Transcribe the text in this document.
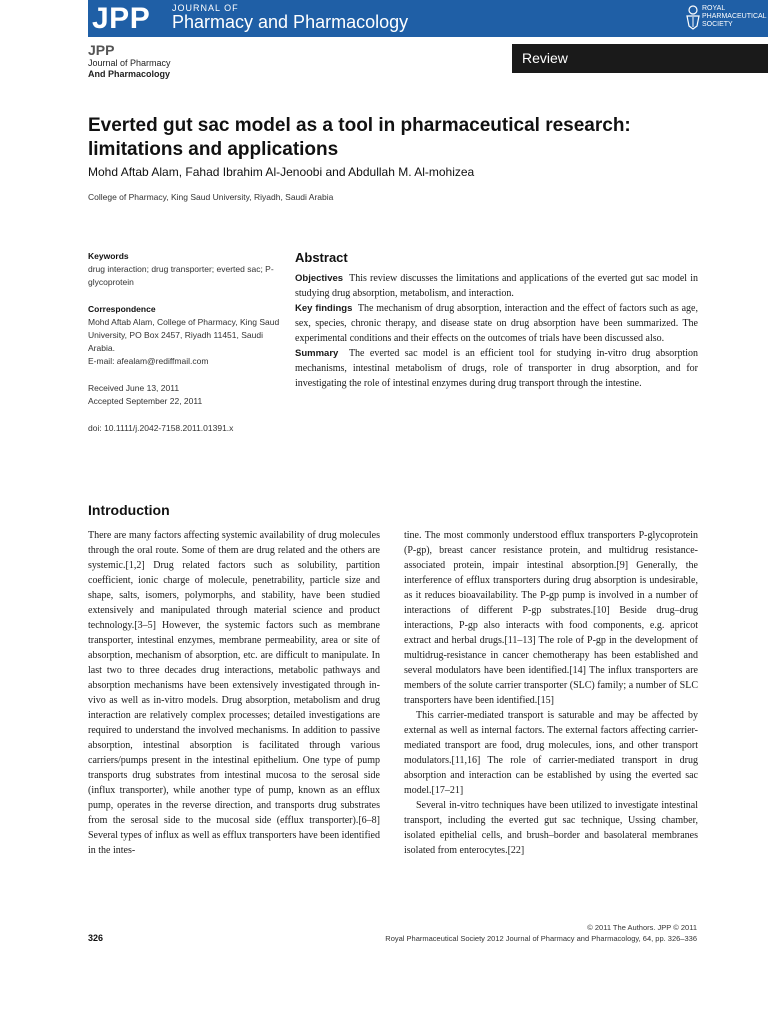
JPP JOURNAL OF
Pharmacy and Pharmacology
ROYAL
PHARMACEUTICAL
SOCIETY
JPP
Journal of Pharmacy
And Pharmacology
Review
Everted gut sac model as a tool in pharmaceutical research: limitations and applications
Mohd Aftab Alam, Fahad Ibrahim Al-Jenoobi and Abdullah M. Al-mohizea
College of Pharmacy, King Saud University, Riyadh, Saudi Arabia
Keywords
drug interaction; drug transporter; everted sac; P-glycoprotein
Correspondence
Mohd Aftab Alam, College of Pharmacy, King Saud University, PO Box 2457, Riyadh 11451, Saudi Arabia.
E-mail: afealam@rediffmail.com
Received June 13, 2011
Accepted September 22, 2011
doi: 10.1111/j.2042-7158.2011.01391.x
Abstract

Objectives This review discusses the limitations and applications of the everted gut sac model in studying drug absorption, metabolism, and interaction.
Key findings The mechanism of drug absorption, interaction and the effect of factors such as age, sex, species, chronic therapy, and disease state on drug absorption have been summarized. The experimental conditions and their effects on the outcomes of trials have been discussed also.
Summary The everted sac model is an efficient tool for studying in-vitro drug absorption mechanisms, intestinal metabolism of drugs, role of transporter in drug absorption, and for investigating the role of intestinal enzymes during drug transport through the intestine.

Introduction

There are many factors affecting systemic availability of drug molecules through the oral route. Some of them are drug related and the others are systemic.[1,2] Drug related factors such as solubility, partition coefficient, ionic charge of molecule, penetrability, particle size and shape, salts, isomers, polymorphs, and stability, have been studied extensively and manipulated through material science and product technology.[3–5] However, the systemic factors such as membrane transporter, intestinal enzymes, membrane permeability, area or site of absorption, mechanism of absorption, etc. are difficult to manipulate. In last two to three decades drug interactions, metabolic pathways and absorption mechanisms have been extensively investigated through in-vivo as well as in-vitro models. Drug absorption, metabolism and drug interaction are relatively complex processes; detailed investigations are required to understand the involved mechanisms. In addition to passive absorption, intestinal absorption is facilitated through various carriers/pumps present in the intestinal epithelium. One type of pump transports drug substrates from intestinal mucosa to the serosal side (influx transporter), while another type of pump, known as an efflux pump, operates in the reverse direction, and transports drug substrates from the serosal side to the mucosal side (efflux transporter).[6–8] Several types of influx as well as efflux transporters have been identified in the intes-

tine. The most commonly understood efflux transporters P-glycoprotein (P-gp), breast cancer resistance protein, and multidrug resistance-associated protein, impair intestinal absorption.[9] Generally, the interference of efflux transporters during drug absorption is undesirable, as it reduces bioavailability. The P-gp pump is involved in a number of interactions of different P-gp substrates.[10] Beside drug–drug interactions, P-gp also interacts with food components, e.g. apricot extract and herbal drugs.[11–13] The role of P-gp in the development of multidrug-resistance in cancer chemotherapy has been established and several modulators have been identified.[14] The influx transporters are members of the solute carrier transporter (SLC) family; a number of SLC transporters have been identified.[15]

This carrier-mediated transport is saturable and may be affected by external as well as internal factors. The external factors affecting carrier-mediated transport are food, drug molecules, ions, and other transport modulators.[11,16] The role of carrier-mediated transport in drug absorption and interaction can be established by using the everted sac model.[17–21]

Several in-vitro techniques have been utilized to investigate intestinal transport, including the everted gut sac technique, Ussing chamber, isolated epithelial cells, and brush–border and basolateral membranes isolated from enterocytes.[22]

© 2011 The Authors. JPP © 2011
Royal Pharmaceutical Society 2012 Journal of Pharmacy and Pharmacology, 64, pp. 326–336
326
